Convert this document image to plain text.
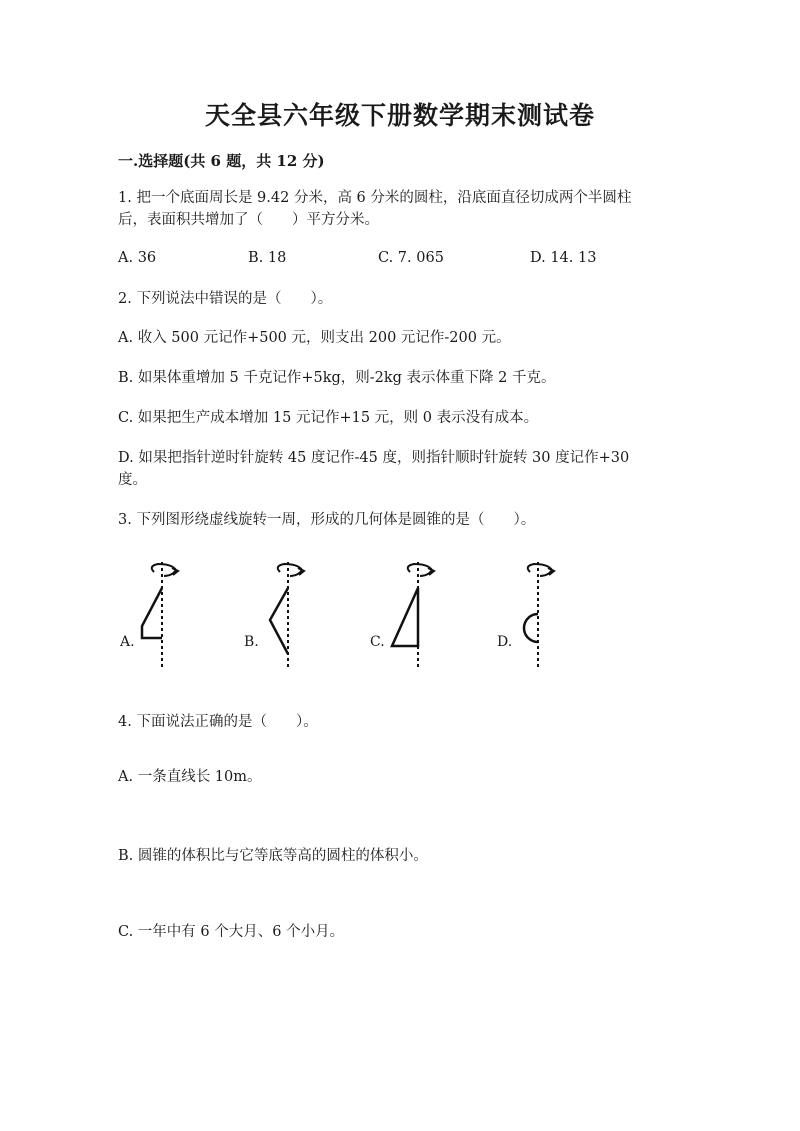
天全县六年级下册数学期末测试卷
一.选择题(共 6 题，共 12 分)
1. 把一个底面周长是 9.42 分米，高 6 分米的圆柱，沿底面直径切成两个半圆柱
后，表面积共增加了（　　）平方分米。
A. 36	B. 18	C. 7. 065	D. 14. 13
2. 下列说法中错误的是（　　）。
A. 收入 500 元记作+500 元，则支出 200 元记作-200 元。
B. 如果体重增加 5 千克记作+5kg，则-2kg 表示体重下降 2 千克。
C. 如果把生产成本增加 15 元记作+15 元，则 0 表示没有成本。
D. 如果把指针逆时针旋转 45 度记作-45 度，则指针顺时针旋转 30 度记作+30
度。
3. 下列图形绕虚线旋转一周，形成的几何体是圆锥的是（　　）。
A.	B.	C.	D.
4. 下面说法正确的是（　　）。
A. 一条直线长 10m。
B. 圆锥的体积比与它等底等高的圆柱的体积小。
C. 一年中有 6 个大月、6 个小月。
